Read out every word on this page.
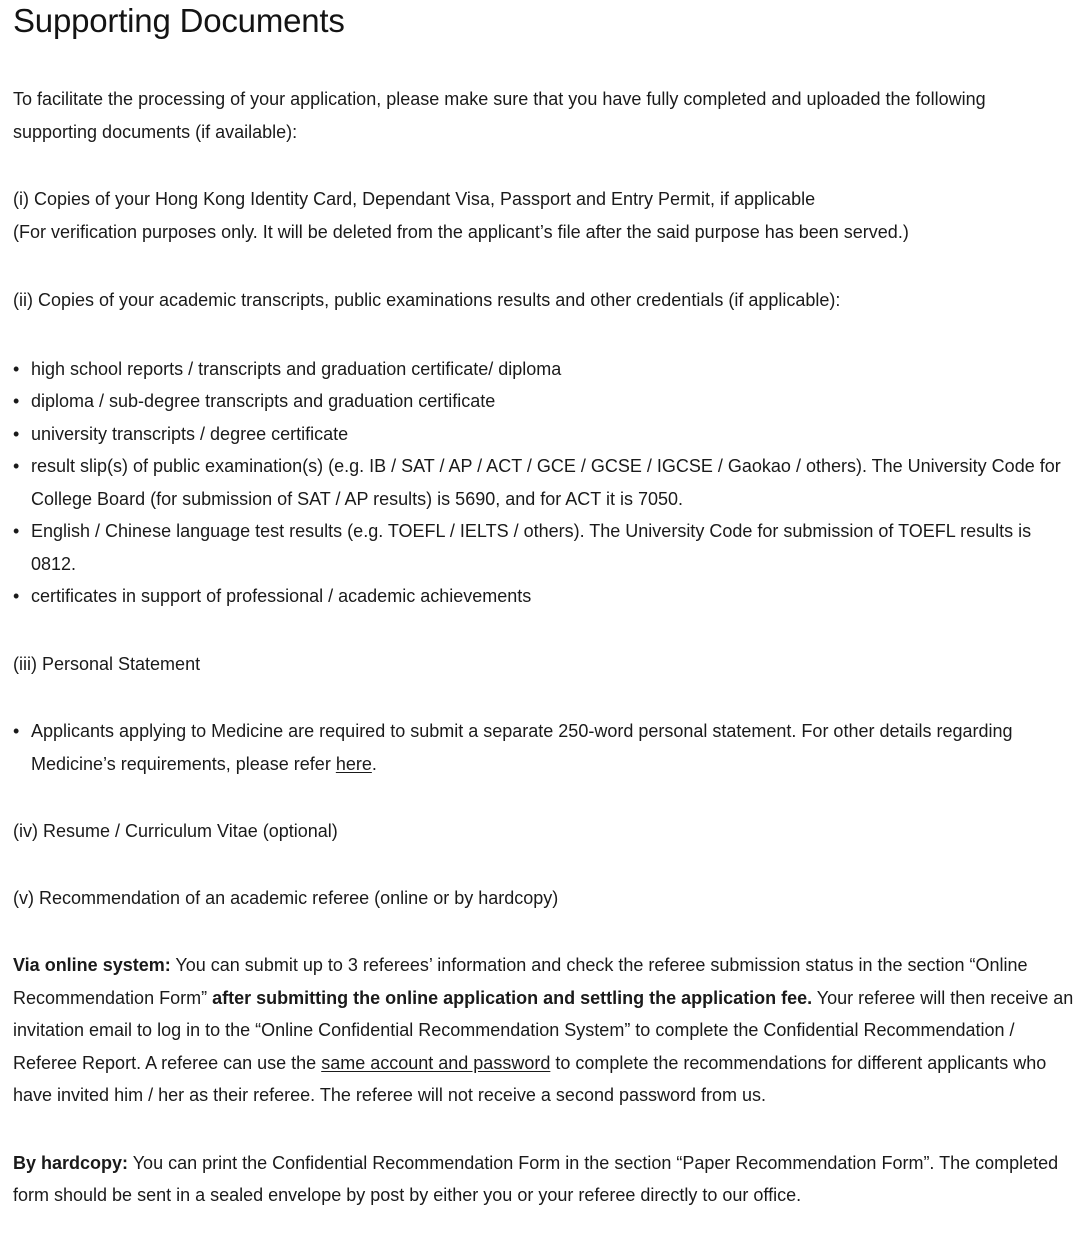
Supporting Documents

To facilitate the processing of your application, please make sure that you have fully completed and uploaded the following supporting documents (if available):

(i) Copies of your Hong Kong Identity Card, Dependant Visa, Passport and Entry Permit, if applicable

(For verification purposes only. It will be deleted from the applicant’s file after the said purpose has been served.)

(ii) Copies of your academic transcripts, public examinations results and other credentials (if applicable):

• high school reports / transcripts and graduation certificate/ diploma
• diploma / sub-degree transcripts and graduation certificate
• university transcripts / degree certificate
• result slip(s) of public examination(s) (e.g. IB / SAT / AP / ACT / GCE / GCSE / IGCSE / Gaokao / others). The University Code for College Board (for submission of SAT / AP results) is 5690, and for ACT it is 7050.
• English / Chinese language test results (e.g. TOEFL / IELTS / others). The University Code for submission of TOEFL results is 0812.
• certificates in support of professional / academic achievements

(iii) Personal Statement

• Applicants applying to Medicine are required to submit a separate 250-word personal statement. For other details regarding Medicine’s requirements, please refer here.

(iv) Resume / Curriculum Vitae (optional)

(v) Recommendation of an academic referee (online or by hardcopy)

Via online system: You can submit up to 3 referees’ information and check the referee submission status in the section “Online Recommendation Form” after submitting the online application and settling the application fee. Your referee will then receive an invitation email to log in to the “Online Confidential Recommendation System” to complete the Confidential Recommendation / Referee Report. A referee can use the same account and password to complete the recommendations for different applicants who have invited him / her as their referee. The referee will not receive a second password from us.

By hardcopy: You can print the Confidential Recommendation Form in the section “Paper Recommendation Form”. The completed form should be sent in a sealed envelope by post by either you or your referee directly to our office.
